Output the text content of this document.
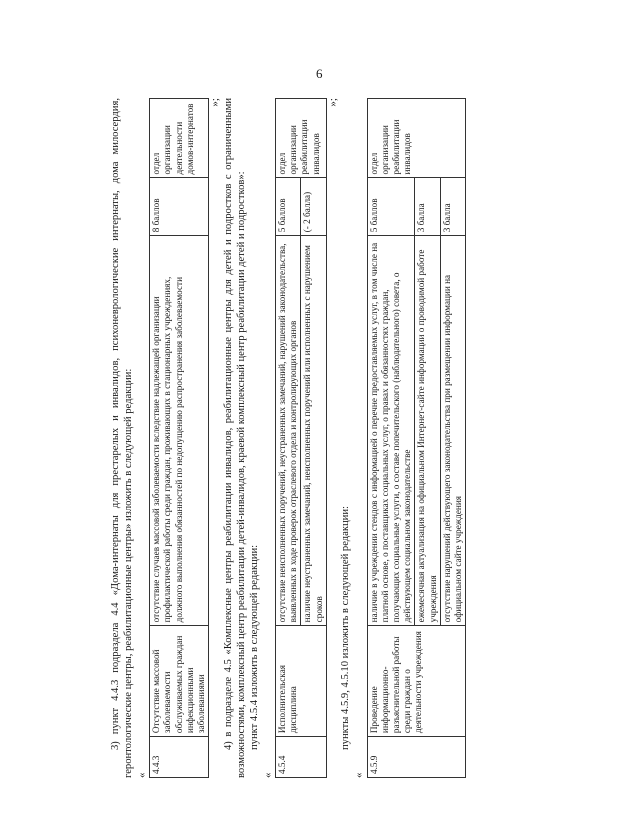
6

3) пункт 4.4.3 подраздела 4.4 «Дома-интернаты для престарелых и инвалидов, психоневрологические интернаты, дома милосердия, геронтологические центры, реабилитационные центры» изложить в следующей редакции: «

4.4.3	Отсутствие массовой заболеваемости обслуживаемых граждан инфекционными заболеваниями	отсутствие случаев массовой заболеваемости вследствие надлежащей организации профилактической работы среди граждан, проживающих в стационарных учреждениях, должного выполнения обязанностей по недопущению распространения заболеваемости	8 баллов	отдел организации деятельности домов-интернатов

»; 4) в подразделе 4.5 «Комплексные центры реабилитации инвалидов, реабилитационные центры для детей и подростков с ограниченными возможностями, комплексный центр реабилитации детей-инвалидов, краевой комплексный центр реабилитации детей и подростков»: пункт 4.5.4 изложить в следующей редакции:

«

4.5.4	Исполнительская дисциплина	отсутствие неисполненных поручений, неустраненных замечаний, нарушений законодательства, выявленных в ходе проверок отраслевого отдела и контролирующих органов	5 баллов	отдел организации реабилитации инвалидов
		наличие неустраненных замечаний, неисполненных поручений или исполненных с нарушением сроков	(- 2 балла)	

»;

пункты 4.5.9, 4.5.10 изложить в следующей редакции:

«

4.5.9	Проведение информационно-разъяснительной работы среди граждан о деятельности учреждения	наличие в учреждении стендов с информацией о перечне предоставляемых услуг, в том числе на платной основе, о поставщиках социальных услуг, о правах и обязанностях граждан, получающих социальные услуги, о составе попечительского (наблюдательного) совета, о действующем социальном законодательстве	5 баллов	отдел организации реабилитации инвалидов
		ежемесячная актуализация на официальном Интернет-сайте информации о проводимой работе учреждения	3 балла	
		отсутствие нарушений действующего законодательства при размещении информации на официальном сайте учреждения	3 балла	
